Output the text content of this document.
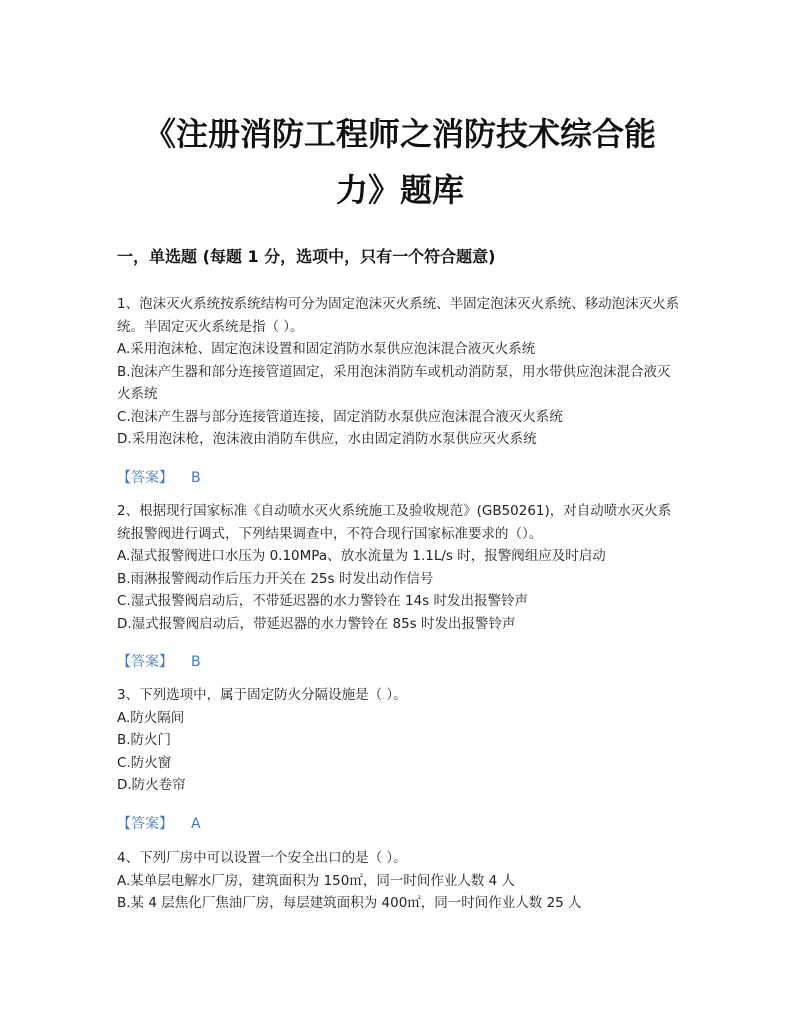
《注册消防工程师之消防技术综合能
力》题库
一，单选题 (每题 1 分，选项中，只有一个符合题意)

1、泡沫灭火系统按系统结构可分为固定泡沫灭火系统、半固定泡沫灭火系统、移动泡沫灭火系统。半固定灭火系统是指（ ）。

A.采用泡沫枪、固定泡沫设置和固定消防水泵供应泡沫混合液灭火系统

B.泡沫产生器和部分连接管道固定，采用泡沫消防车或机动消防泵，用水带供应泡沫混合液灭火系统

C.泡沫产生器与部分连接管道连接，固定消防水泵供应泡沫混合液灭火系统

D.采用泡沫枪，泡沫液由消防车供应，水由固定消防水泵供应灭火系统

【答案】 B

2、根据现行国家标准《自动喷水灭火系统施工及验收规范》(GB50261)，对自动喷水灭火系统报警阀进行调式，下列结果调查中，不符合现行国家标准要求的（）。

A.湿式报警阀进口水压为 0.10MPa、放水流量为 1.1L/s 时，报警阀组应及时启动

B.雨淋报警阀动作后压力开关在 25s 时发出动作信号

C.湿式报警阀启动后，不带延迟器的水力警铃在 14s 时发出报警铃声

D.湿式报警阀启动后，带延迟器的水力警铃在 85s 时发出报警铃声

【答案】 B

3、下列选项中，属于固定防火分隔设施是（ ）。

A.防火隔间

B.防火门

C.防火窗

D.防火卷帘

【答案】 A

4、下列厂房中可以设置一个安全出口的是（ ）。

A.某单层电解水厂房，建筑面积为 150㎡，同一时间作业人数 4 人

B.某 4 层焦化厂焦油厂房，每层建筑面积为 400㎡，同一时间作业人数 25 人
